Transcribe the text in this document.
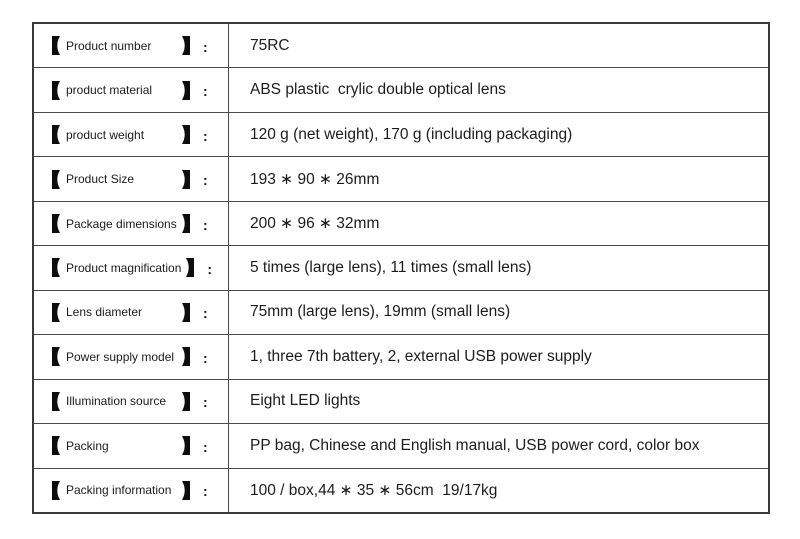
Product number	:	75RC
product material	:	ABS plastic  crylic double optical lens
product weight	:	120 g (net weight), 170 g (including packaging)
Product Size	:	193 ∗ 90 ∗ 26mm
Package dimensions :	200 ∗ 96 ∗ 32mm
Product magnification :	5 times (large lens), 11 times (small lens)
Lens diameter	:	75mm (large lens), 19mm (small lens)
Power supply model :	1, three 7th battery, 2, external USB power supply
Illumination source	:	Eight LED lights
Packing	:	PP bag, Chinese and English manual, USB power cord, color box
Packing information :	100 / box,44 ∗ 35 ∗ 56cm  19/17kg
